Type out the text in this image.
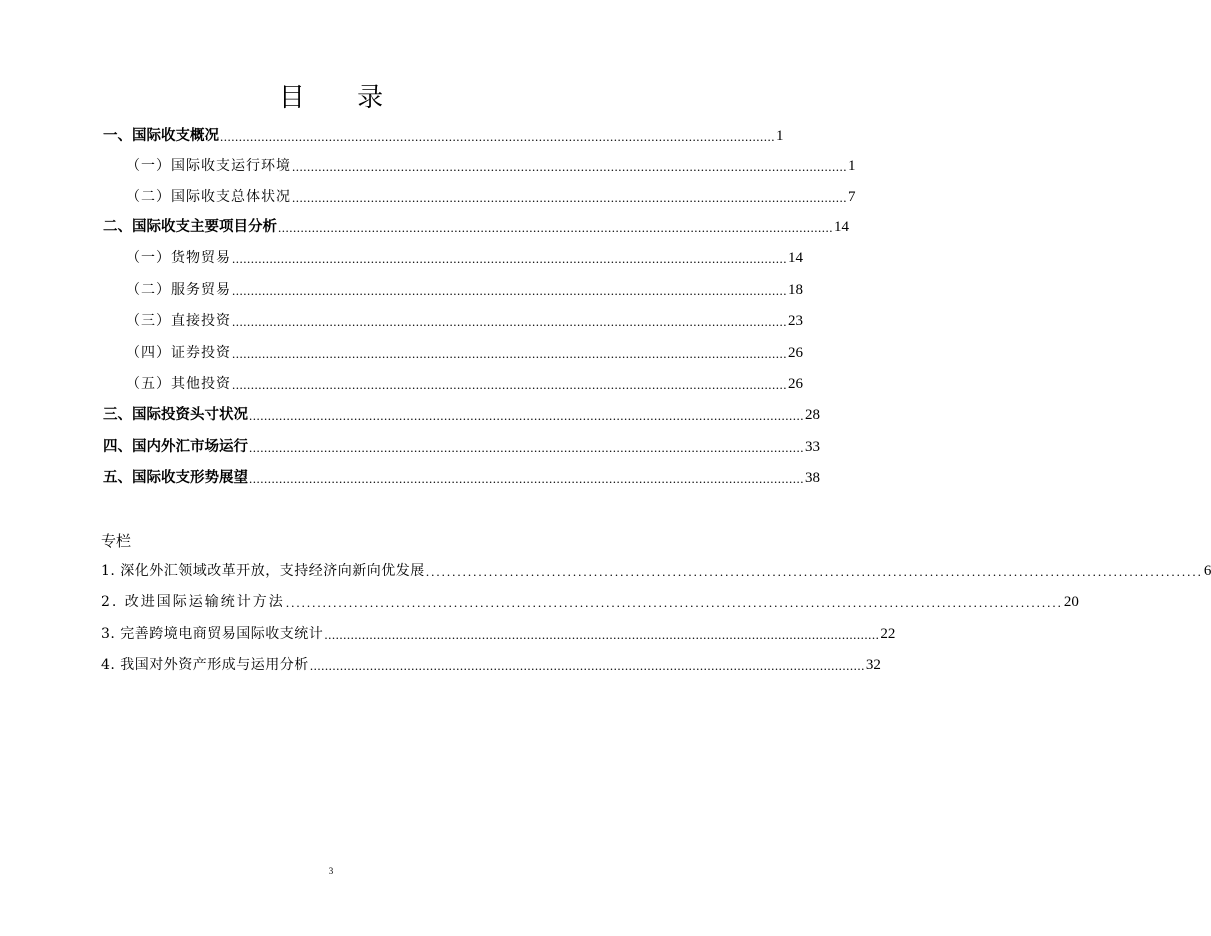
目 录
一、国际收支概况 .................................................................................................................................................... 1
（一）国际收支运行环境 .................................................................................................................................................... 1
（二）国际收支总体状况 .................................................................................................................................................... 7
二、国际收支主要项目分析 .................................................................................................................................................... 14
（一）货物贸易 .................................................................................................................................................... 14
（二）服务贸易 .................................................................................................................................................... 18
（三）直接投资 .................................................................................................................................................... 23
（四）证券投资 .................................................................................................................................................... 26
（五）其他投资 .................................................................................................................................................... 26
三、国际投资头寸状况 .................................................................................................................................................... 28
四、国内外汇市场运行 .................................................................................................................................................... 33
五、国际收支形势展望 .................................................................................................................................................... 38
专栏
1. 深化外汇领域改革开放，支持经济向新向优发展 .................................................................................................................................................... 6
2. 改进国际运输统计方法 .................................................................................................................................................... 20
3. 完善跨境电商贸易国际收支统计 .................................................................................................................................................... 22
4. 我国对外资产形成与运用分析 .................................................................................................................................................... 32
3
